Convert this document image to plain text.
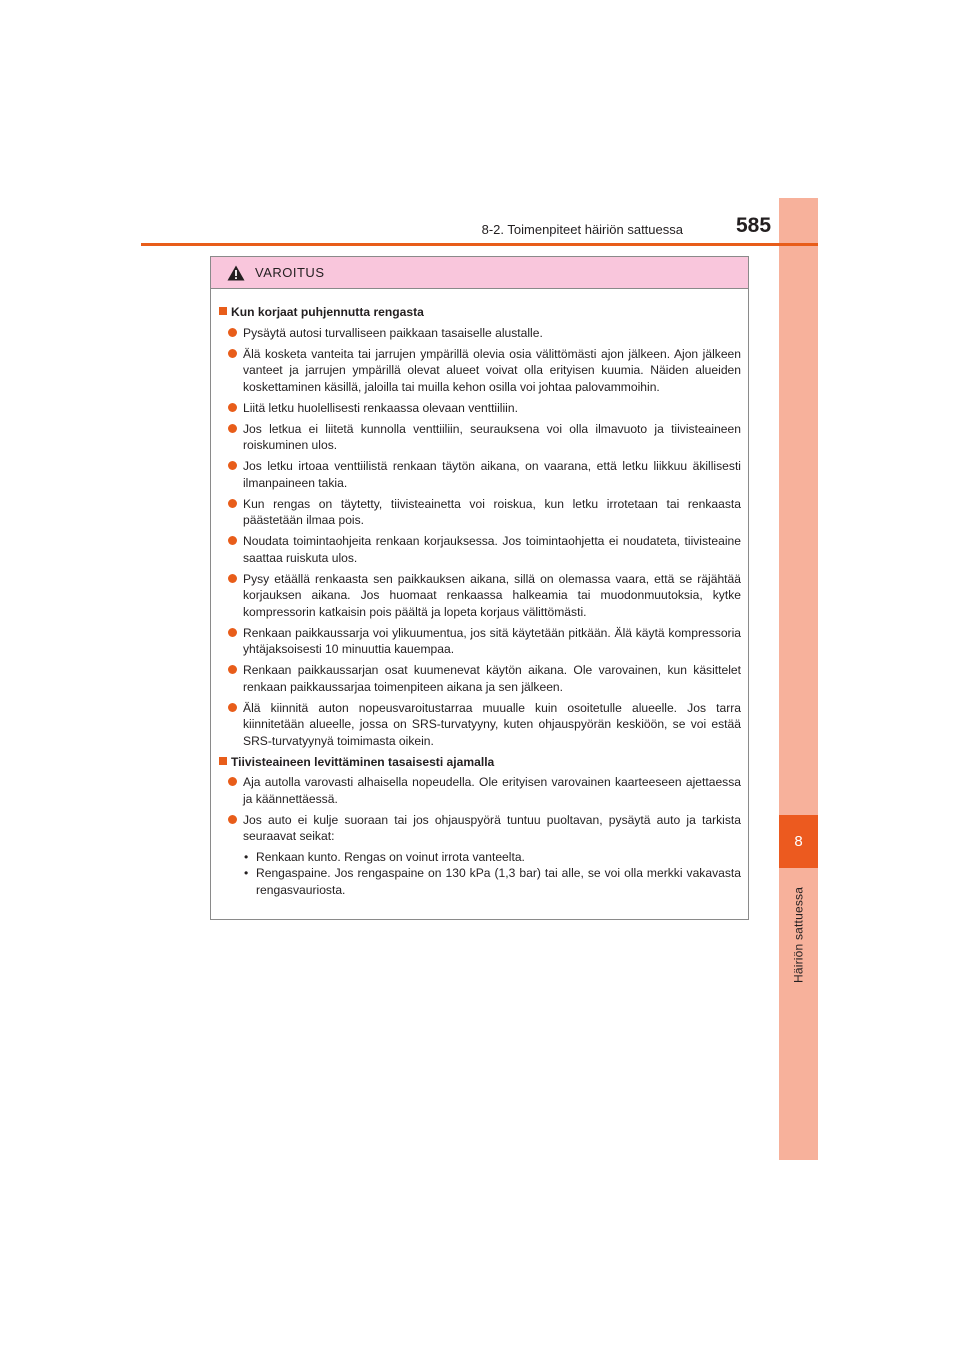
8
Häiriön sattuessa
8-2. Toimenpiteet häiriön sattuessa	585
VAROITUS
Kun korjaat puhjennutta rengasta
Pysäytä autosi turvalliseen paikkaan tasaiselle alustalle.
Älä kosketa vanteita tai jarrujen ympärillä olevia osia välittömästi ajon jälkeen. Ajon jälkeen vanteet ja jarrujen ympärillä olevat alueet voivat olla erityisen kuumia. Näiden alueiden koskettaminen käsillä, jaloilla tai muilla kehon osilla voi johtaa palovammoihin.
Liitä letku huolellisesti renkaassa olevaan venttiiliin.
Jos letkua ei liitetä kunnolla venttiiliin, seurauksena voi olla ilmavuoto ja tiivisteaineen roiskuminen ulos.
Jos letku irtoaa venttiilistä renkaan täytön aikana, on vaarana, että letku liikkuu äkillisesti ilmanpaineen takia.
Kun rengas on täytetty, tiivisteainetta voi roiskua, kun letku irrotetaan tai renkaasta päästetään ilmaa pois.
Noudata toimintaohjeita renkaan korjauksessa. Jos toimintaohjetta ei noudateta, tiivisteaine saattaa ruiskuta ulos.
Pysy etäällä renkaasta sen paikkauksen aikana, sillä on olemassa vaara, että se räjähtää korjauksen aikana. Jos huomaat renkaassa halkeamia tai muodonmuutoksia, kytke kompressorin katkaisin pois päältä ja lopeta korjaus välittömästi.
Renkaan paikkaussarja voi ylikuumentua, jos sitä käytetään pitkään. Älä käytä kompressoria yhtäjaksoisesti 10 minuuttia kauempaa.
Renkaan paikkaussarjan osat kuumenevat käytön aikana. Ole varovainen, kun käsittelet renkaan paikkaussarjaa toimenpiteen aikana ja sen jälkeen.
Älä kiinnitä auton nopeusvaroitustarraa muualle kuin osoitetulle alueelle. Jos tarra kiinnitetään alueelle, jossa on SRS-turvatyyny, kuten ohjauspyörän keskiöön, se voi estää SRS-turvatyynyä toimimasta oikein.
Tiivisteaineen levittäminen tasaisesti ajamalla
Aja autolla varovasti alhaisella nopeudella. Ole erityisen varovainen kaarteeseen ajettaessa ja käännettäessä.
Jos auto ei kulje suoraan tai jos ohjauspyörä tuntuu puoltavan, pysäytä auto ja tarkista seuraavat seikat:
• Renkaan kunto. Rengas on voinut irrota vanteelta.
• Rengaspaine. Jos rengaspaine on 130 kPa (1,3 bar) tai alle, se voi olla merkki vakavasta rengasvauriosta.
